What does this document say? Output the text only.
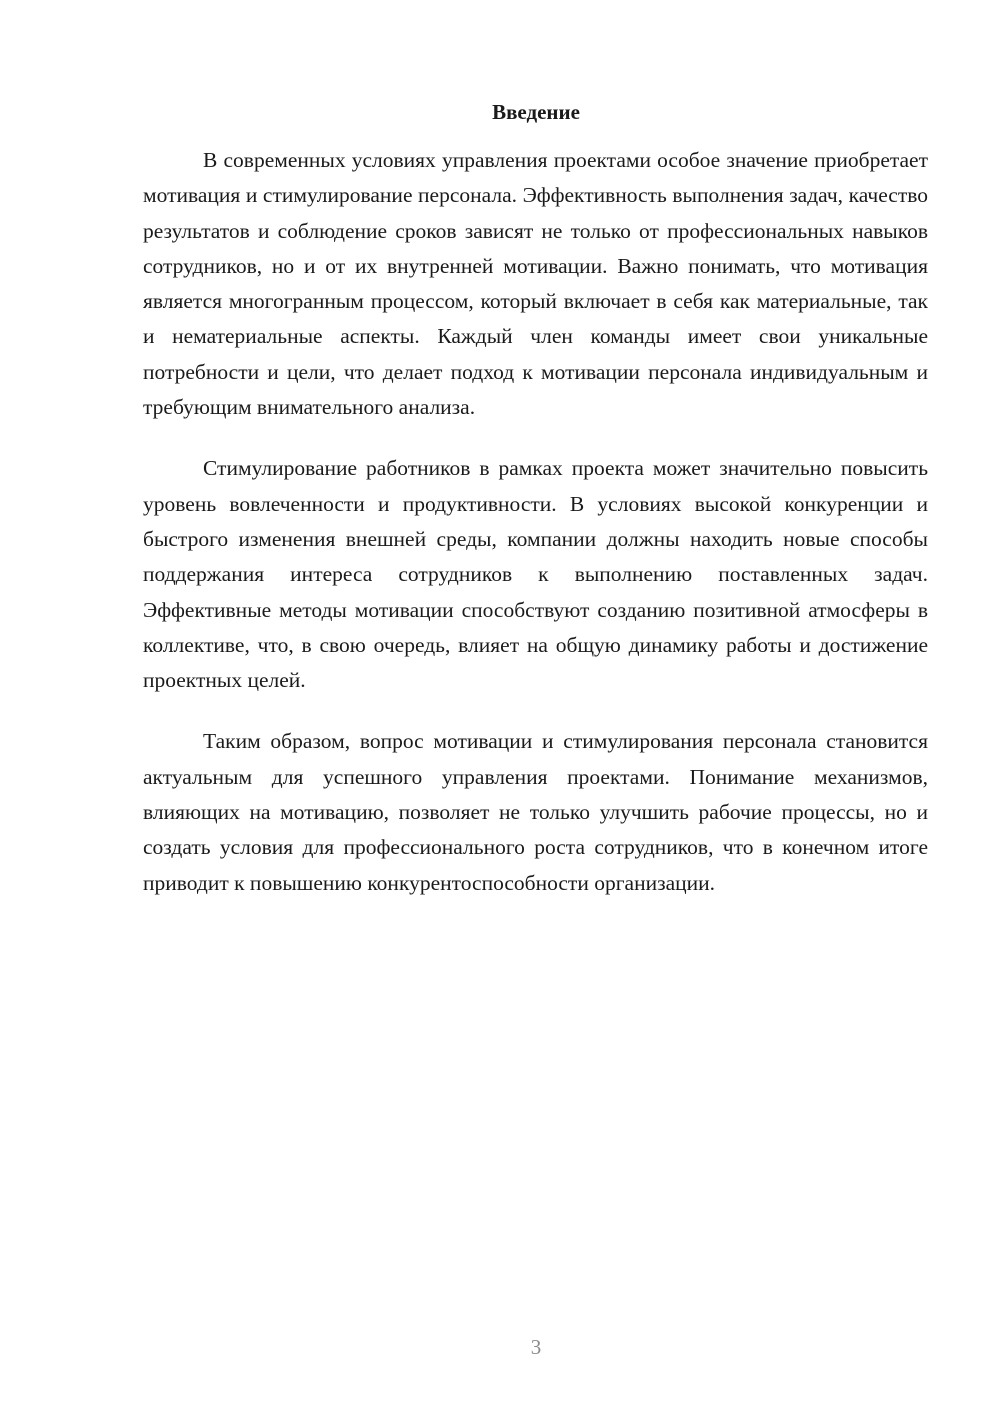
Введение

В современных условиях управления проектами особое значение приобретает мотивация и стимулирование персонала. Эффективность выполнения задач, качество результатов и соблюдение сроков зависят не только от профессиональных навыков сотрудников, но и от их внутренней мотивации. Важно понимать, что мотивация является многогранным процессом, который включает в себя как материальные, так и нематериальные аспекты. Каждый член команды имеет свои уникальные потребности и цели, что делает подход к мотивации персонала индивидуальным и требующим внимательного анализа.

Стимулирование работников в рамках проекта может значительно повысить уровень вовлеченности и продуктивности. В условиях высокой конкуренции и быстрого изменения внешней среды, компании должны находить новые способы поддержания интереса сотрудников к выполнению поставленных задач. Эффективные методы мотивации способствуют созданию позитивной атмосферы в коллективе, что, в свою очередь, влияет на общую динамику работы и достижение проектных целей.

Таким образом, вопрос мотивации и стимулирования персонала становится актуальным для успешного управления проектами. Понимание механизмов, влияющих на мотивацию, позволяет не только улучшить рабочие процессы, но и создать условия для профессионального роста сотрудников, что в конечном итоге приводит к повышению конкурентоспособности организации.

3
